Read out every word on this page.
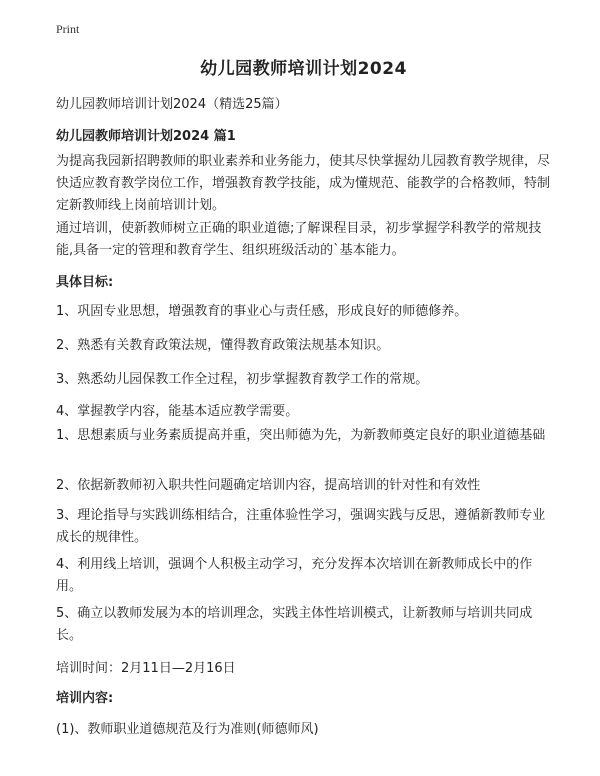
Print
幼儿园教师培训计划2024
幼儿园教师培训计划2024（精选25篇）
幼儿园教师培训计划2024 篇1
为提高我园新招聘教师的职业素养和业务能力，使其尽快掌握幼儿园教育教学规律，尽快适应教育教学岗位工作，增强教育教学技能，成为懂规范、能教学的合格教师，特制定新教师线上岗前培训计划。
通过培训，使新教师树立正确的职业道德;了解课程目录，初步掌握学科教学的常规技能,具备一定的管理和教育学生、组织班级活动的`基本能力。
具体目标:
1、巩固专业思想，增强教育的事业心与责任感，形成良好的师德修养。
2、熟悉有关教育政策法规，懂得教育政策法规基本知识。
3、熟悉幼儿园保教工作全过程，初步掌握教育教学工作的常规。
4、掌握教学内容，能基本适应教学需要。
1、思想素质与业务素质提高并重，突出师德为先，为新教师奠定良好的职业道德基础
2、依据新教师初入职共性问题确定培训内容，提高培训的针对性和有效性
3、理论指导与实践训练相结合，注重体验性学习，强调实践与反思，遵循新教师专业成长的规律性。
4、利用线上培训，强调个人积极主动学习，充分发挥本次培训在新教师成长中的作用。
5、确立以教师发展为本的培训理念，实践主体性培训模式，让新教师与培训共同成长。
培训时间：2月11日—2月16日
培训内容:
(1)、教师职业道德规范及行为准则(师德师风)
